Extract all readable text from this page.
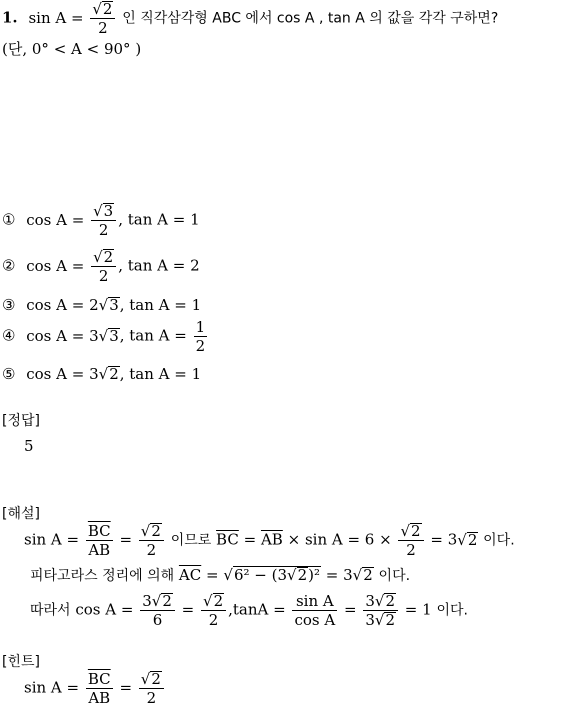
1. $\sin A = \frac{√2}{2}$ 인 직각삼각형 ABC 에서 cos A , tan A 의 값을 각각 구하면?
(단, 0° < A < 90° )
① $\cos A = \frac{√3}{2}$ , tan A = 1
② $\cos A = \frac{√2}{2}$ , tan A = 2
③ cos A = 2√3, tan A = 1
④ cos A = 3√3, $\tan A = \frac{1}{2}$
⑤ cos A = 3√2, tan A = 1
[정답]
5
[해설]
$\sin A = \frac{\overline{BC}}{AB} = \frac{√2}{2}$ 이므로 $\overline{BC} = \overline{AB} \times \sin A = 6 \times \frac{√2}{2} = 3√2$ 이다.
피타고라스 정리에 의해 $\overline{AC} = √6^2 - (3√2)^2 = 3√2$ 이다.
따라서 $\cos A = \frac{3√2}{6} = \frac{√2}{2} ,\tan A = \frac{\text{sin A}}{\text{cos A}} = \frac{3√2}{3√2} = 1$ 이다.
[힌트]
$\sin A = \frac{\overline{BC}}{AB} = \frac{√2}{2}$
